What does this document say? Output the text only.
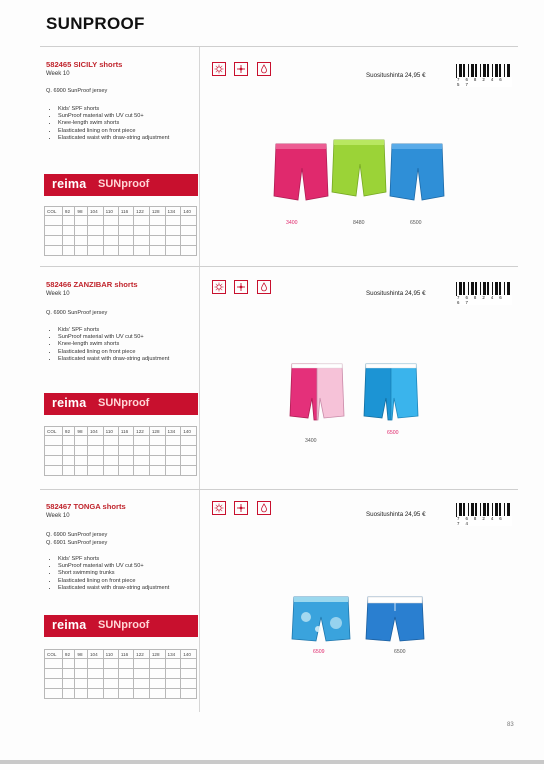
SUNPROOF
582465 SICILY shorts
Week 10
Q. 6900 SunProof jersey
• Kids' SPF shorts
• SunProof material with UV cut 50+
• Knee-length swim shorts
• Elasticated lining on front piece
• Elasticated waist with draw-string adjustment
reima SUNproof
COL	92	98	104	110	116	122	128	134	140

Suositushinta 24,95 €
7 6 8 2 4 6 5 7
3400	8480	6500
582466 ZANZIBAR shorts
Week 10
Q. 6900 SunProof jersey
• Kids' SPF shorts
• SunProof material with UV cut 50+
• Knee-length swim shorts
• Elasticated lining on front piece
• Elasticated waist with draw-string adjustment
reima SUNproof
COL	92	98	104	110	116	122	128	134	140

Suositushinta 24,95 €
7 6 8 2 4 6 6 7
3400
6500
582467 TONGA shorts
Week 10
Q. 6900 SunProof jersey
Q. 6901 SunProof jersey
• Kids' SPF shorts
• SunProof material with UV cut 50+
• Short swimming trunks
• Elasticated lining on front piece
• Elasticated waist with draw-string adjustment
reima SUNproof
COL	92	98	104	110	116	122	128	134	140

Suositushinta 24,95 €
7 6 8 2 4 6 7 4
6509	6500
83
